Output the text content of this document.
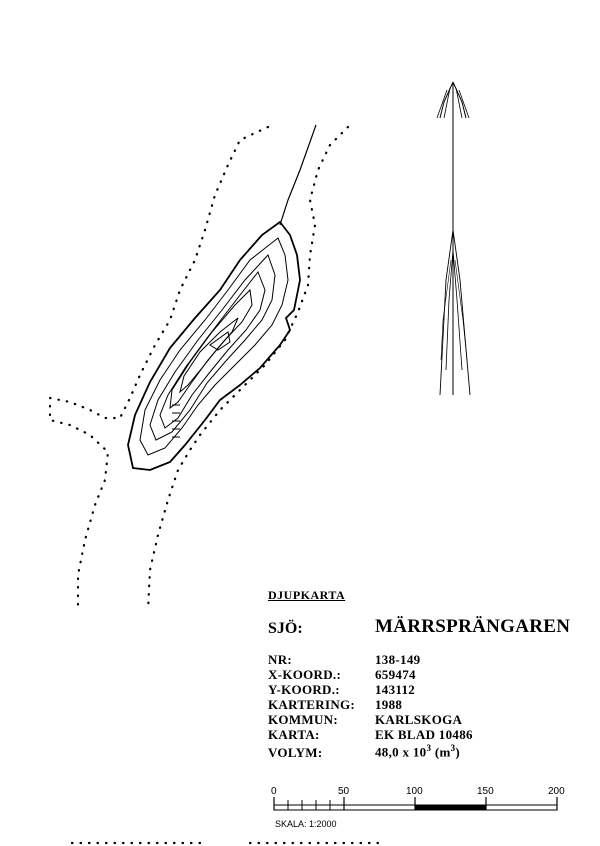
DJUPKARTA
SJÖ:	MÄRRSPRÄNGAREN
NR:	138-149
X-KOORD.:	659474
Y-KOORD.:	143112
KARTERING: 1988
KOMMUN:	KARLSKOGA
KARTA:	EK BLAD 10486
VOLYM:	48,0 x $10^3$ $(m^3)$
0	50	100	150	200
SKALA: 1:2000
